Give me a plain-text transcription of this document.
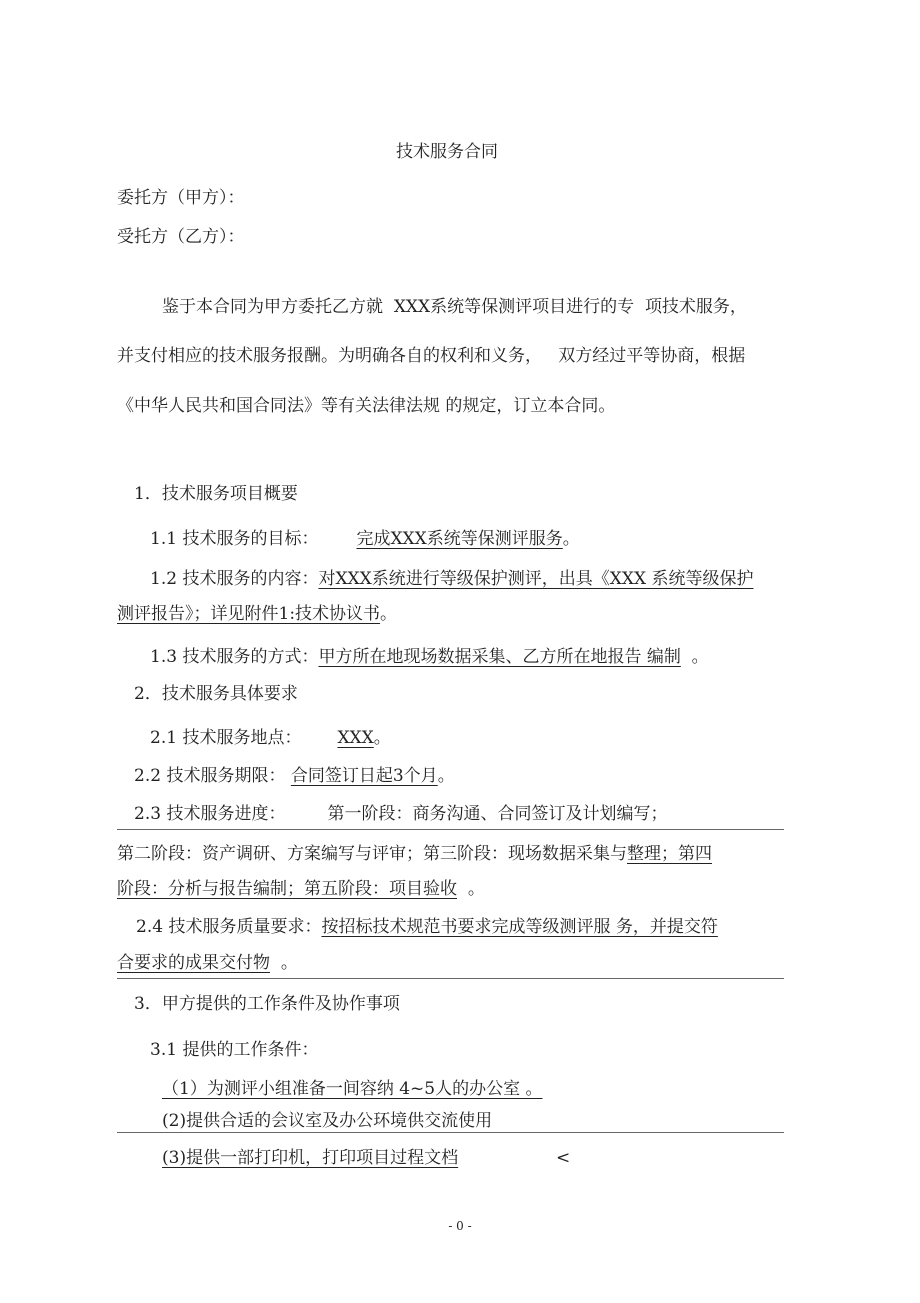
技术服务合同
委托方（甲方）：
受托方（乙方）：
鉴于本合同为甲方委托乙方就 XXX系统等保测评项目进行的专 项技术服务，
并支付相应的技术服务报酬。为明确各自的权利和义务， 双方经过平等协商，根据
《中华人民共和国合同法》等有关法律法规 的规定，订立本合同。
1．技术服务项目概要
1.1 技术服务的目标： 完成XXX系统等保测评服务。
1.2 技术服务的内容：对XXX系统进行等级保护测评，出具《XXX 系统等级保护
测评报告》；详见附件1:技术协议书。
1.3 技术服务的方式：甲方所在地现场数据采集、乙方所在地报告 编制 。
2．技术服务具体要求
2.1 技术服务地点： XXX。
2.2 技术服务期限： 合同签订日起3个月。
2.3 技术服务进度： 第一阶段：商务沟通、合同签订及计划编写；
第二阶段：资产调研、方案编写与评审；第三阶段：现场数据采集与整理；第四
阶段：分析与报告编制；第五阶段：项目验收 。
2.4 技术服务质量要求：按招标技术规范书要求完成等级测评服 务，并提交符
合要求的成果交付物 。
3．甲方提供的工作条件及协作事项
3.1 提供的工作条件：
（1）为测评小组准备一间容纳 4~5人的办公室 。
(2)提供合适的会议室及办公环境供交流使用
(3)提供一部打印机，打印项目过程文档	<
- 0 -
